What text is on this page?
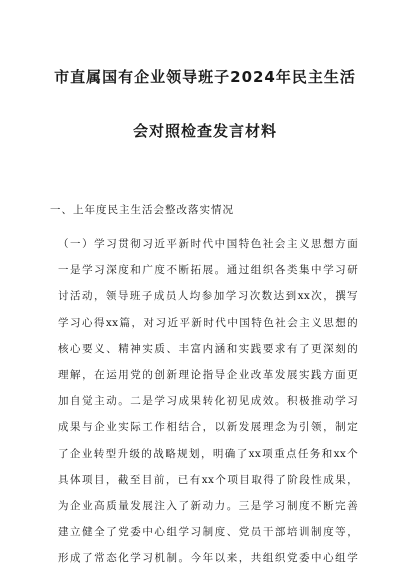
市直属国有企业领导班子2024年民主生活
会对照检查发言材料
一、上年度民主生活会整改落实情况
（一）学习贯彻习近平新时代中国特色社会主义思想方面
一是学习深度和广度不断拓展。通过组织各类集中学习研
讨活动，领导班子成员人均参加学习次数达到xx次，撰写
学习心得xx篇，对习近平新时代中国特色社会主义思想的
核心要义、精神实质、丰富内涵和实践要求有了更深刻的
理解，在运用党的创新理论指导企业改革发展实践方面更
加自觉主动。二是学习成果转化初见成效。积极推动学习
成果与企业实际工作相结合，以新发展理念为引领，制定
了企业转型升级的战略规划，明确了xx项重点任务和xx个
具体项目，截至目前，已有xx个项目取得了阶段性成果，
为企业高质量发展注入了新动力。三是学习制度不断完善
建立健全了党委中心组学习制度、党员干部培训制度等，
形成了常态化学习机制。今年以来，共组织党委中心组学
